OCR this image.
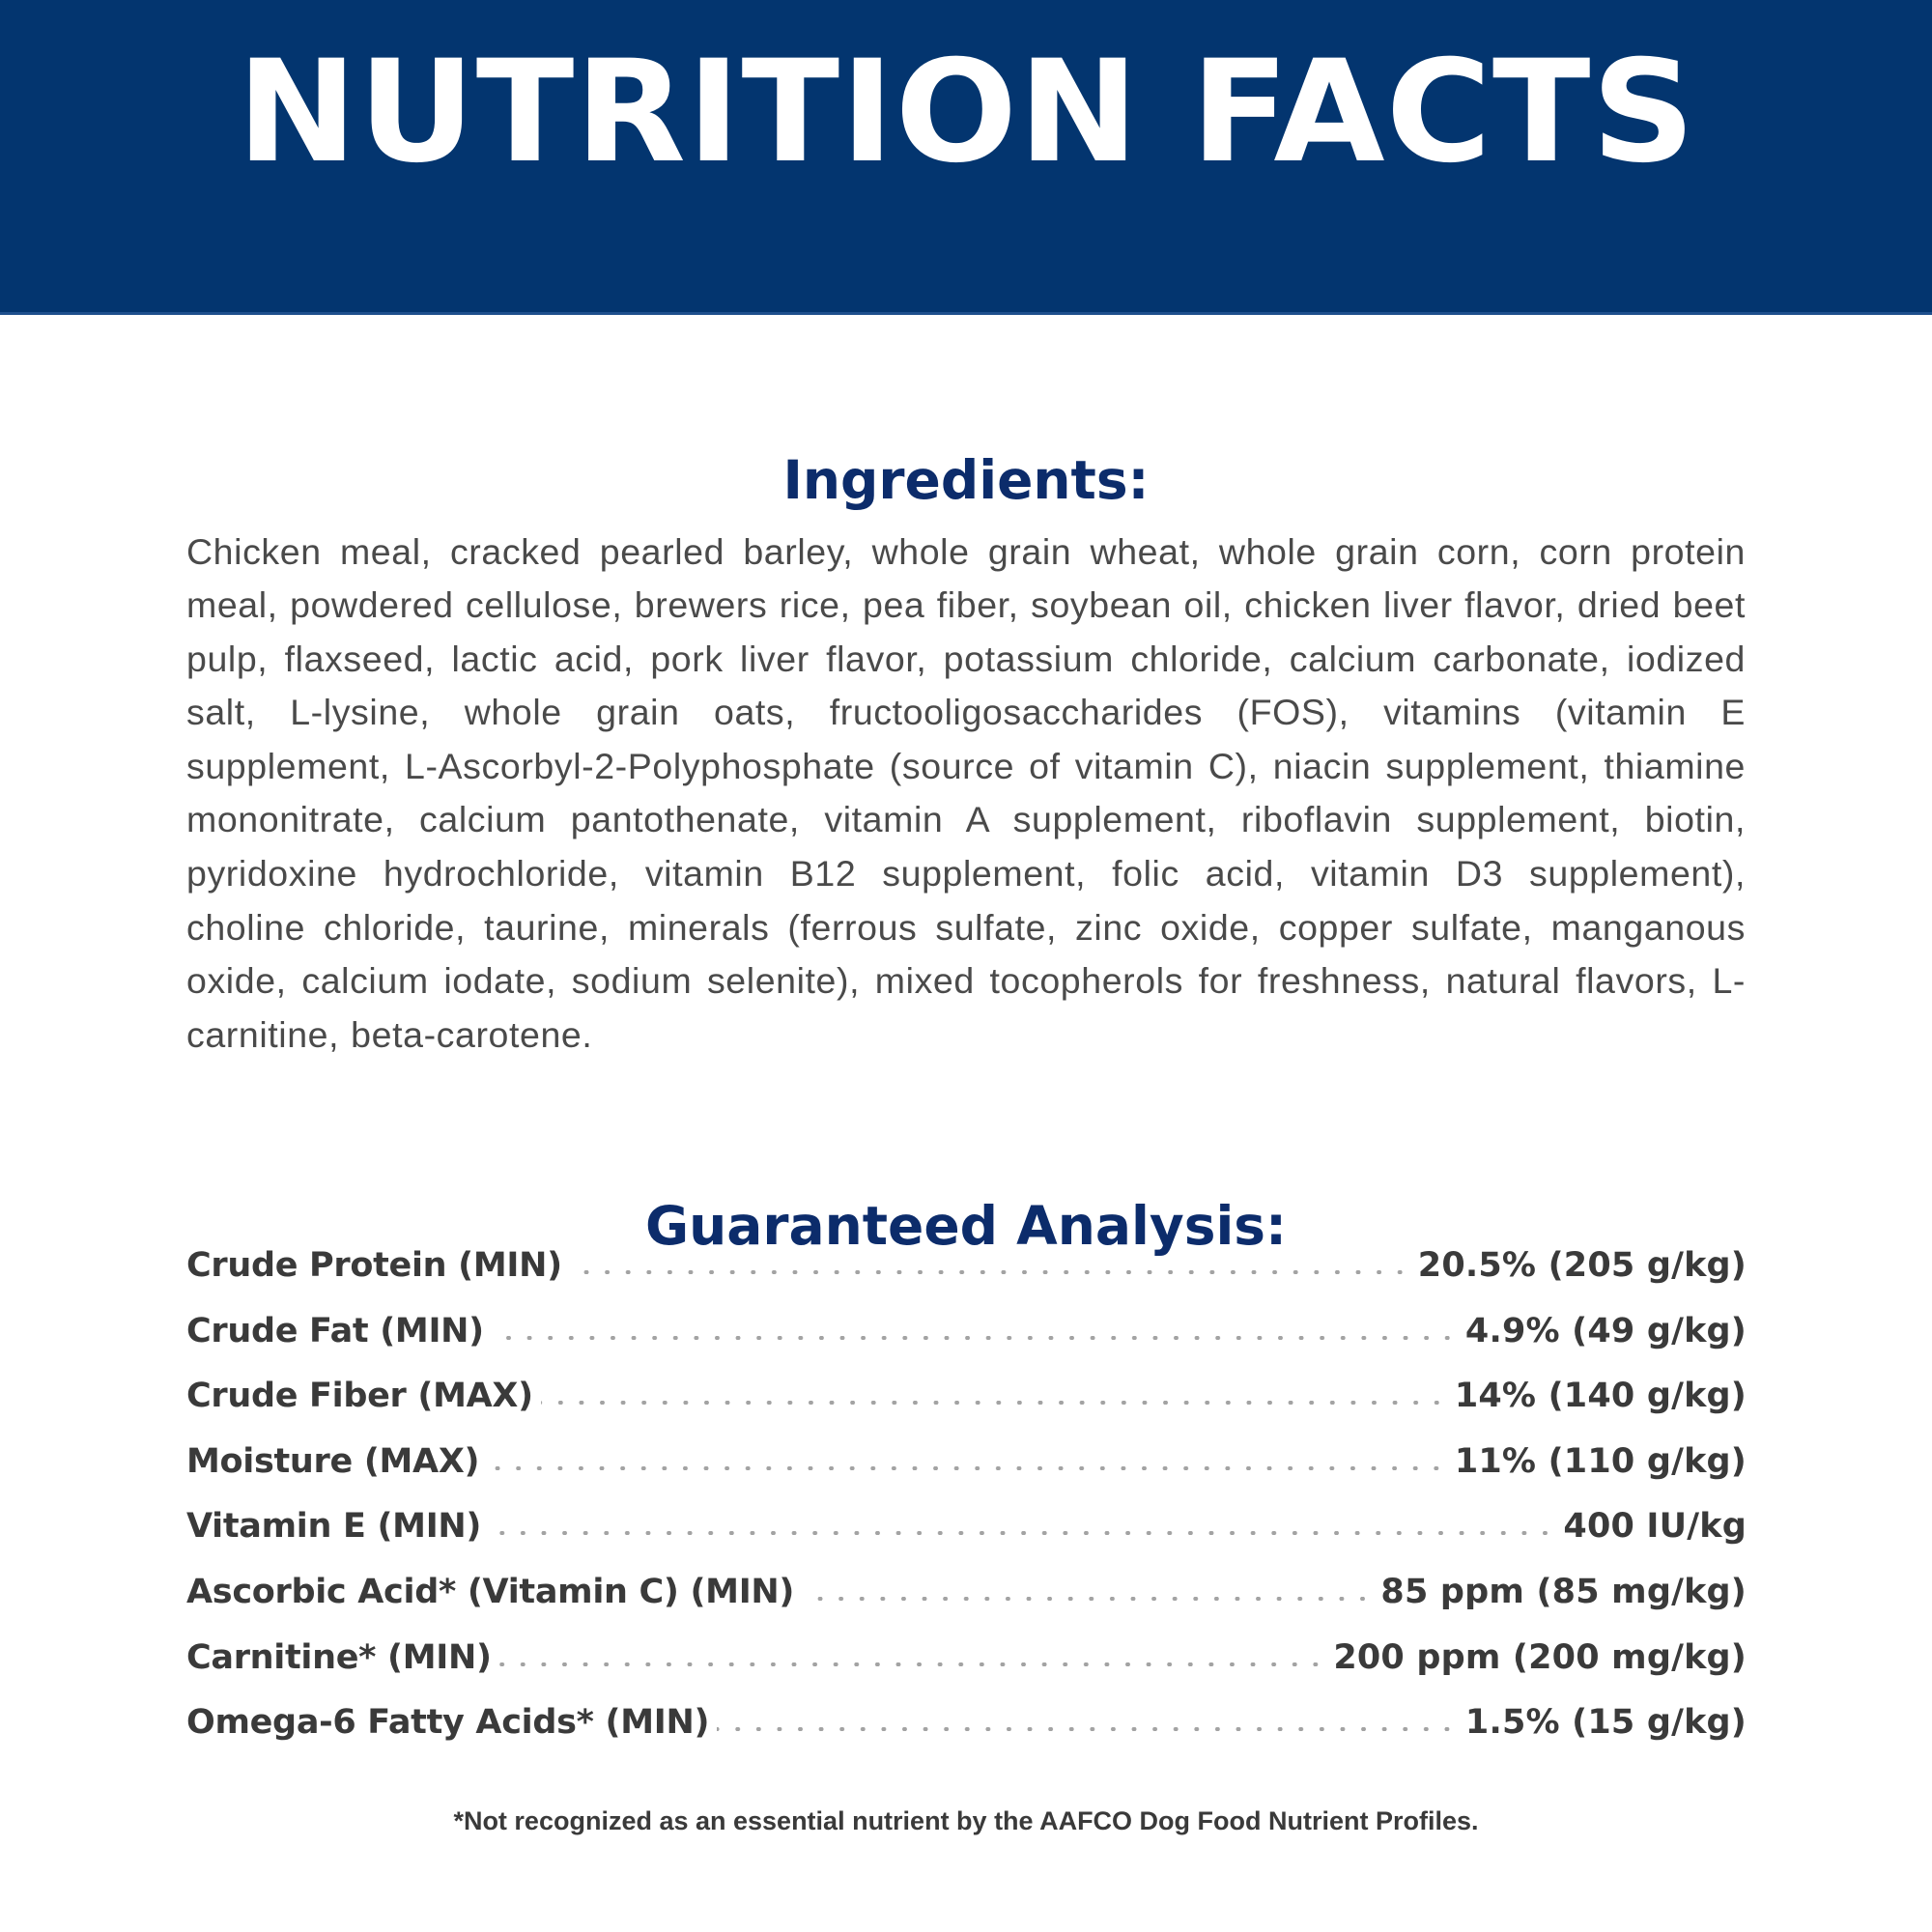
NUTRITION FACTS
Ingredients:

Chicken meal, cracked pearled barley, whole grain wheat, whole grain corn, corn protein meal, powdered cellulose, brewers rice, pea fiber, soybean oil, chicken liver flavor, dried beet pulp, flaxseed, lactic acid, pork liver flavor, potassium chloride, calcium carbonate, iodized salt, L-lysine, whole grain oats, fructooligosaccharides (FOS), vitamins (vitamin E supplement, L-Ascorbyl-2-Polyphosphate (source of vitamin C), niacin supplement, thiamine mononitrate, calcium pantothenate, vitamin A supplement, riboflavin supplement, biotin, pyridoxine hydrochloride, vitamin B12 supplement, folic acid, vitamin D3 supplement), choline chloride, taurine, minerals (ferrous sulfate, zinc oxide, copper sulfate, manganous oxide, calcium iodate, sodium selenite), mixed tocopherols for freshness, natural flavors, L-carnitine, beta-carotene.

Guaranteed Analysis:
Crude Protein (MIN)	20.5% (205 g/kg)
Crude Fat (MIN)	4.9% (49 g/kg)
Crude Fiber (MAX)	14% (140 g/kg)
Moisture (MAX)	11% (110 g/kg)
Vitamin E (MIN)	400 IU/kg
Ascorbic Acid* (Vitamin C) (MIN)	85 ppm (85 mg/kg)
Carnitine* (MIN)	200 ppm (200 mg/kg)
Omega-6 Fatty Acids* (MIN)	1.5% (15 g/kg)

*Not recognized as an essential nutrient by the AAFCO Dog Food Nutrient Profiles.
